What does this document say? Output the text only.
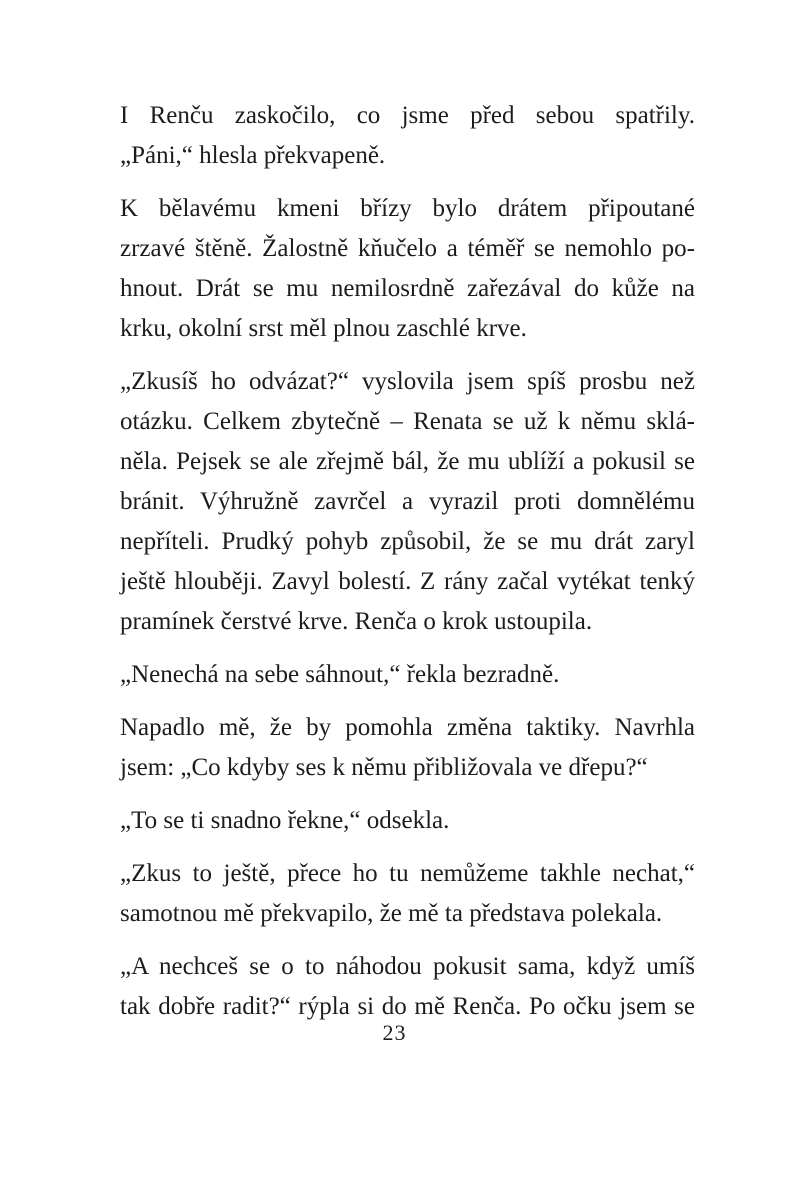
I Renču zaskočilo, co jsme před sebou spatřily.
„Páni,“ hlesla překvapeně.

K bělavému kmeni břízy bylo drátem připoutané
zrzavé štěně. Žalostně kňučelo a téměř se nemohlo po-
hnout. Drát se mu nemilosrdně zařezával do kůže na
krku, okolní srst měl plnou zaschlé krve.

„Zkusíš ho odvázat?“ vyslovila jsem spíš prosbu než
otázku. Celkem zbytečně – Renata se už k němu sklá-
něla. Pejsek se ale zřejmě bál, že mu ublíží a pokusil se
bránit. Výhružně zavrčel a vyrazil proti domnělému
nepříteli. Prudký pohyb způsobil, že se mu drát zaryl
ještě hlouběji. Zavyl bolestí. Z rány začal vytékat tenký
pramínek čerstvé krve. Renča o krok ustoupila.

„Nenechá na sebe sáhnout,“ řekla bezradně.

Napadlo mě, že by pomohla změna taktiky. Navrhla
jsem: „Co kdyby ses k němu přibližovala ve dřepu?“

„To se ti snadno řekne,“ odsekla.

„Zkus to ještě, přece ho tu nemůžeme takhle nechat,“
samotnou mě překvapilo, že mě ta představa polekala.

„A nechceš se o to náhodou pokusit sama, když umíš
tak dobře radit?“ rýpla si do mě Renča. Po očku jsem se

23
